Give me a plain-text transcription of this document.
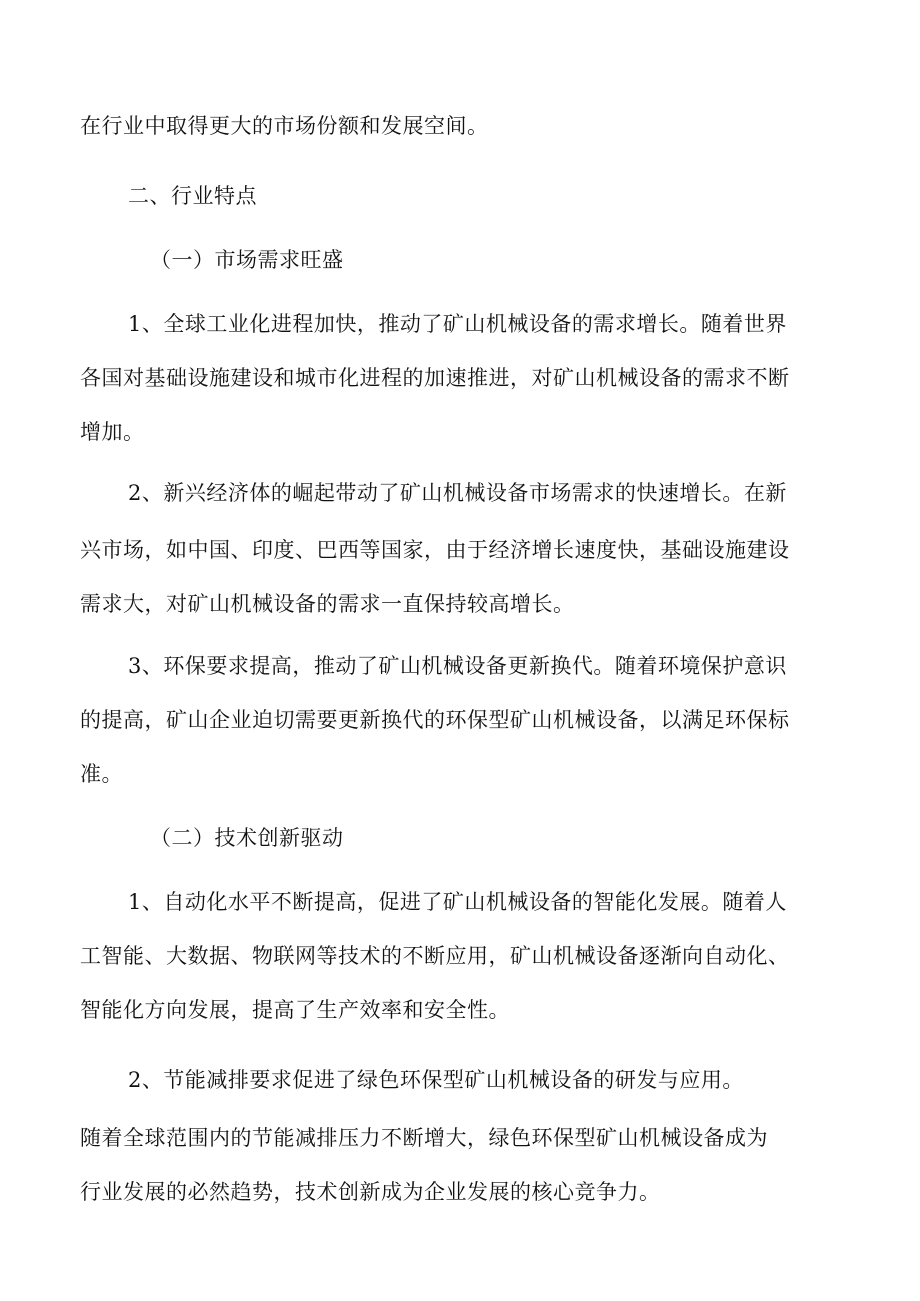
在行业中取得更大的市场份额和发展空间。
二、行业特点
（一）市场需求旺盛
1、全球工业化进程加快，推动了矿山机械设备的需求增长。随着世界
各国对基础设施建设和城市化进程的加速推进，对矿山机械设备的需求不断
增加。
2、新兴经济体的崛起带动了矿山机械设备市场需求的快速增长。在新
兴市场，如中国、印度、巴西等国家，由于经济增长速度快，基础设施建设
需求大，对矿山机械设备的需求一直保持较高增长。
3、环保要求提高，推动了矿山机械设备更新换代。随着环境保护意识
的提高，矿山企业迫切需要更新换代的环保型矿山机械设备，以满足环保标
准。
（二）技术创新驱动
1、自动化水平不断提高，促进了矿山机械设备的智能化发展。随着人
工智能、大数据、物联网等技术的不断应用，矿山机械设备逐渐向自动化、
智能化方向发展，提高了生产效率和安全性。
2、节能减排要求促进了绿色环保型矿山机械设备的研发与应用。
随着全球范围内的节能减排压力不断增大，绿色环保型矿山机械设备成为
行业发展的必然趋势，技术创新成为企业发展的核心竞争力。
